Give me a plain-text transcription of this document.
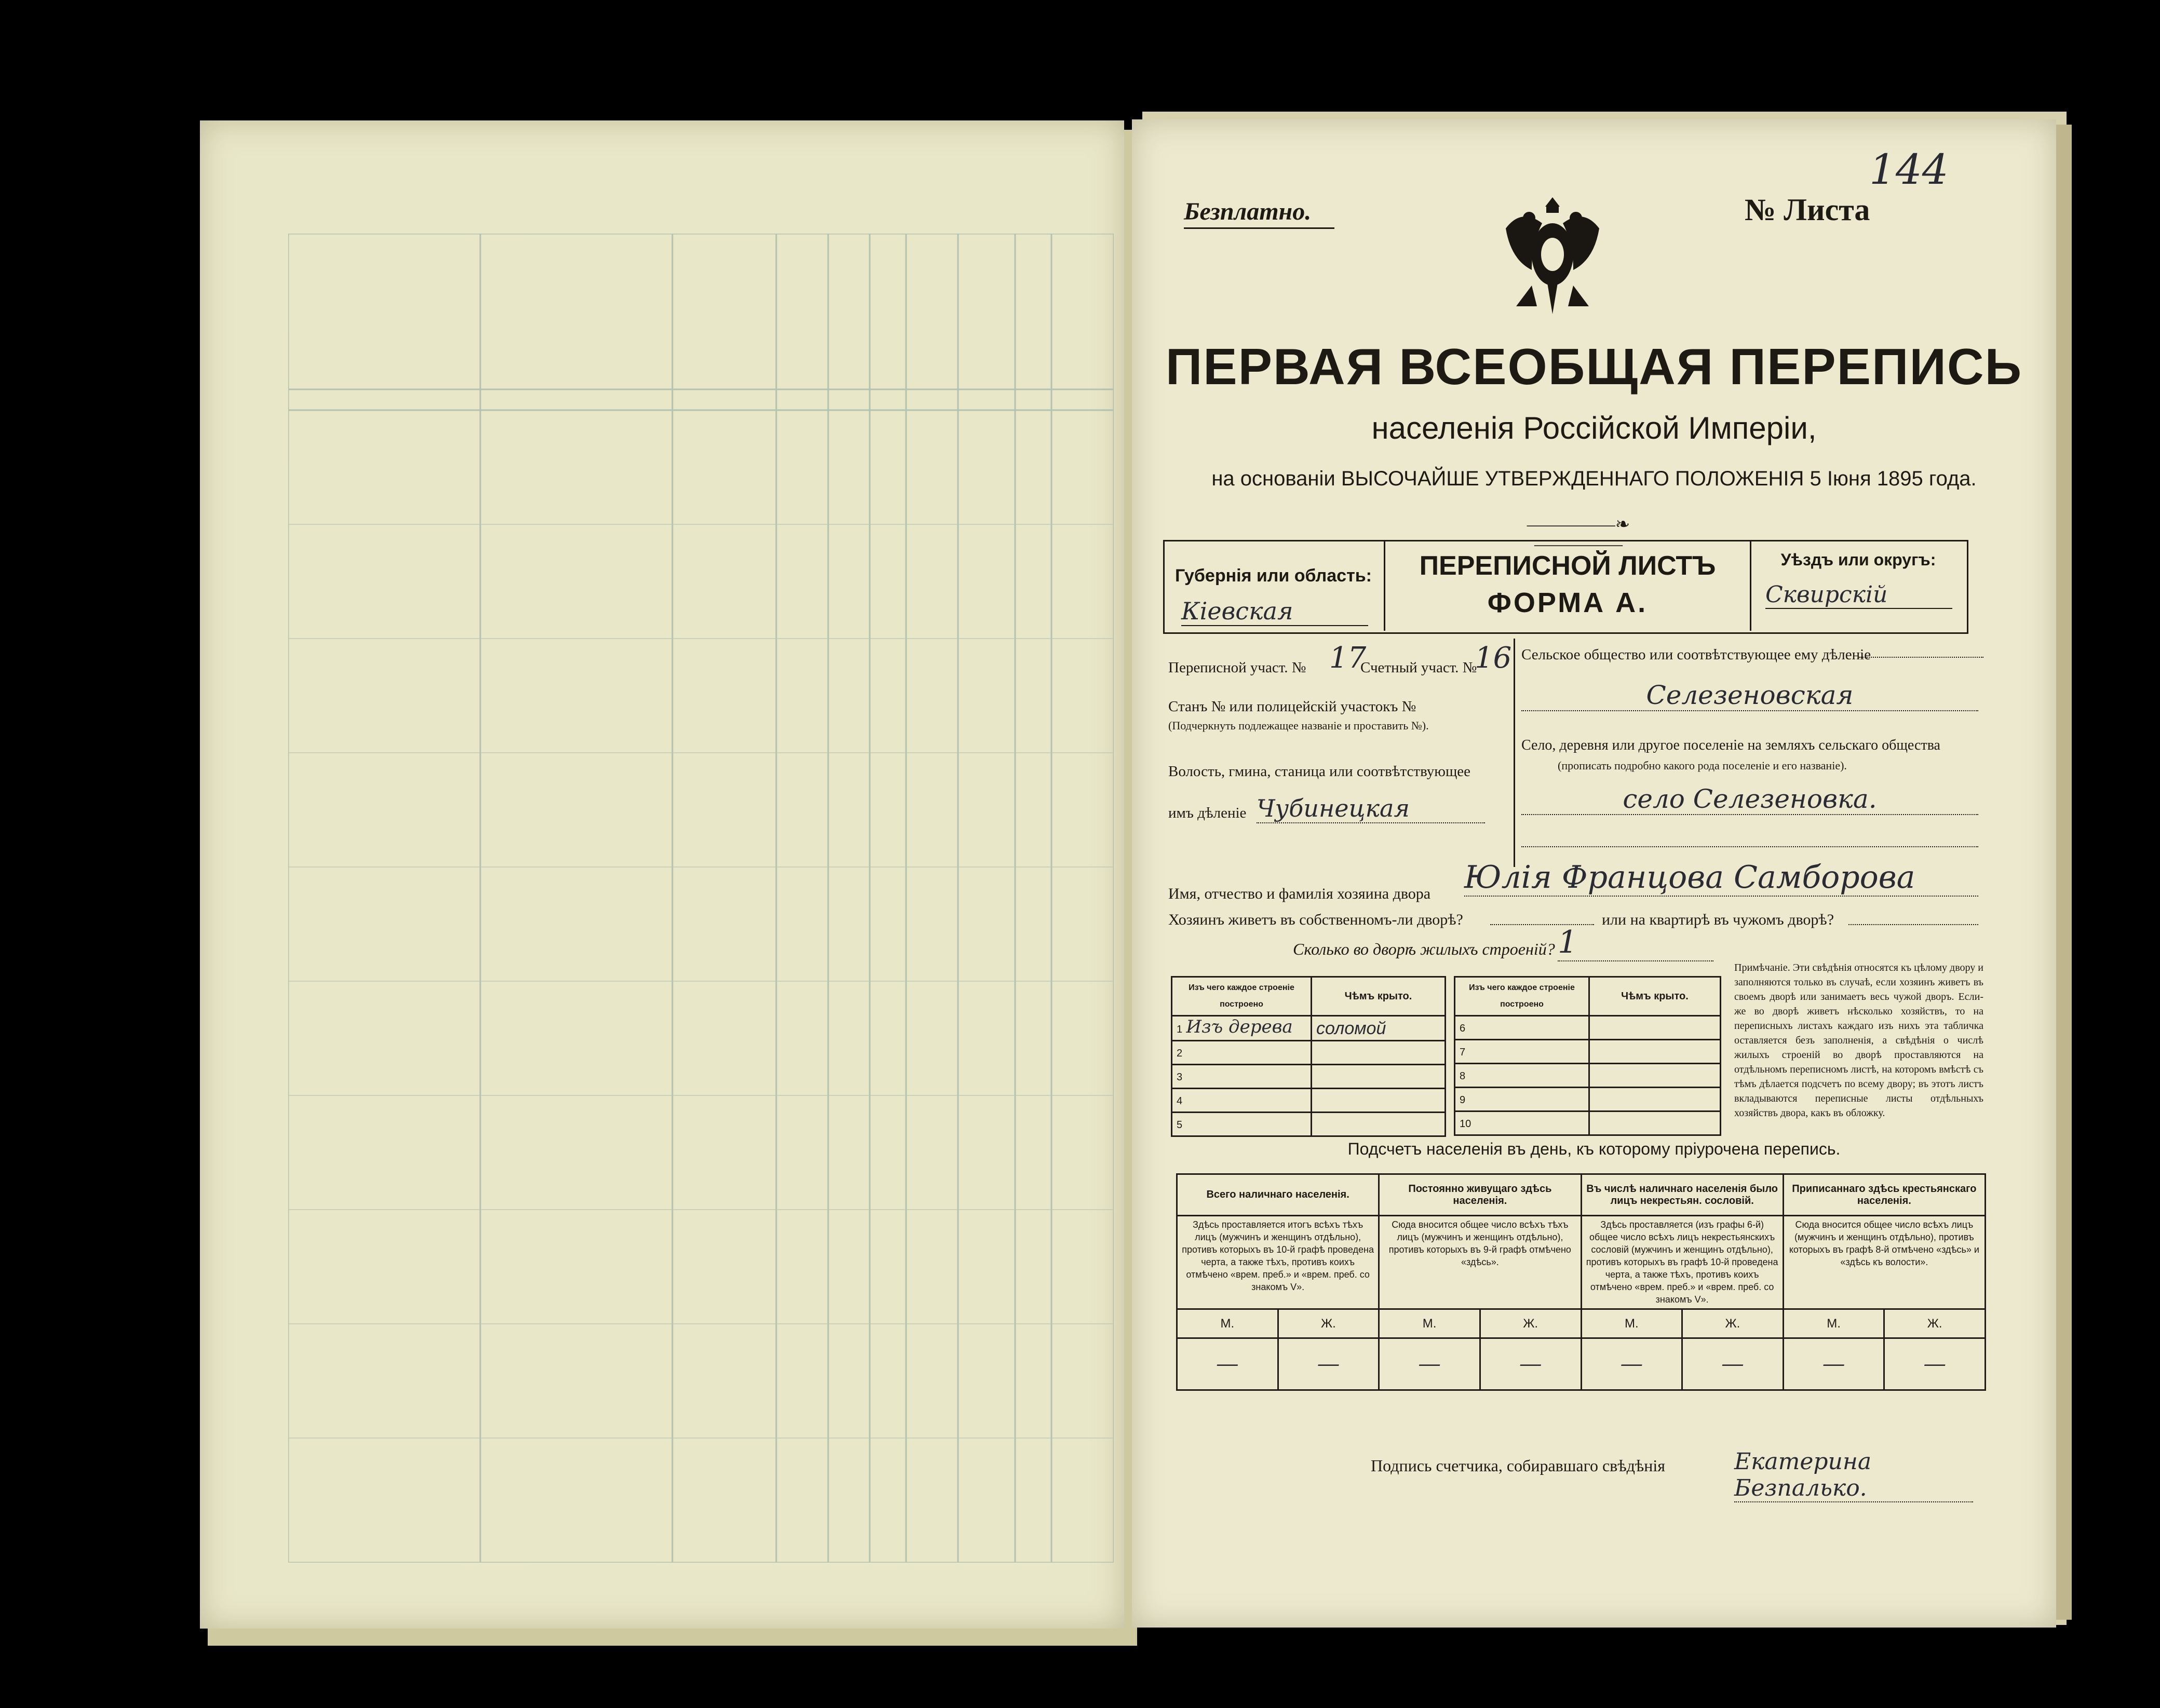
Безплатно.	№ Листа
144
ПЕРВАЯ ВСЕОБЩАЯ ПЕРЕПИСЬ
населенія Россійской Имперіи,
на основаніи ВЫСОЧАЙШЕ УТВЕРЖДЕННАГО ПОЛОЖЕНІЯ 5 Іюня 1895 года.
—————❧—————
Губернія или область:
Кіевская
ПЕРЕПИСНОЙ ЛИСТЪ
ФОРМА А.
Уѣздъ или округъ:
Сквирскій
Переписной участ. № 17
Счетный участ. №
16
Станъ № или полицейскій участокъ №
(Подчеркнуть подлежащее названіе и проставить №).
Волость, гмина, станица или соотвѣтствующее
имъ дѣленіе Чубинецкая
Сельское общество или соотвѣтствующее ему дѣленіе
Селезеновская
Село, деревня или другое поселеніе на земляхъ сельскаго общества
(прописать подробно какого рода поселеніе и его названіе).
село Селезеновка.
Имя, отчество и фамилія хозяина двора Юлія Францова Самборова
Хозяинъ живетъ въ собственномъ-ли дворѣ?	или на квартирѣ въ чужомъ дворѣ?
Сколько во дворѣ жилыхъ строеній? 1
Изъ чего каждое строеніе построено	Чѣмъ крыто.
1 Изъ дерева	соломой
2	
3	
4	
5	
Изъ чего каждое строеніе построено	Чѣмъ крыто.
6	
7	
8	
9	
10	
Примѣчаніе. Эти свѣдѣнія относятся къ цѣлому двору и заполняются только въ случаѣ, если хозяинъ живетъ въ своемъ дворѣ или занимаетъ весь чужой дворъ. Если-же во дворѣ живетъ нѣсколько хозяйствъ, то на переписныхъ листахъ каждаго изъ нихъ эта табличка оставляется безъ заполненія, а свѣдѣнія о числѣ жилыхъ строеній во дворѣ проставляются на отдѣльномъ переписномъ листѣ, на которомъ вмѣстѣ съ тѣмъ дѣлается подсчетъ по всему двору; въ этотъ листъ вкладываются переписные листы отдѣльныхъ хозяйствъ двора, какъ въ обложку.
Подсчетъ населенія въ день, къ которому пріурочена перепись.
Всего наличнаго населенія.		Постоянно живущаго здѣсь населенія.		Въ числѣ наличнаго населенія было лицъ некрестьян. сословій.		Приписаннаго здѣсь крестьянскаго населенія.	
Здѣсь проставляется итогъ всѣхъ тѣхъ лицъ (мужчинъ и женщинъ отдѣльно), противъ которыхъ въ 10-й графѣ проведена черта, а также тѣхъ, противъ коихъ отмѣчено «врем. преб.» и «врем. преб. со знакомъ V».		Сюда вносится общее число всѣхъ тѣхъ лицъ (мужчинъ и женщинъ отдѣльно), противъ которыхъ въ 9-й графѣ отмѣчено «здѣсь».		Здѣсь проставляется (изъ графы 6-й) общее число всѣхъ лицъ некрестьянскихъ сословій (мужчинъ и женщинъ отдѣльно), противъ которыхъ въ графѣ 10-й проведена черта, а также тѣхъ, противъ коихъ отмѣчено «врем. преб.» и «врем. преб. со знакомъ V».		Сюда вносится общее число всѣхъ лицъ (мужчинъ и женщинъ отдѣльно), противъ которыхъ въ графѣ 8-й отмѣчено «здѣсь» и «здѣсь къ волости».	
М.	Ж.	М.	Ж.	М.	Ж.	М.	Ж.
—	—	—	—	—	—	—	—
Подпись счетчика, собиравшаго свѣдѣнія	Екатерина Безпалько.
